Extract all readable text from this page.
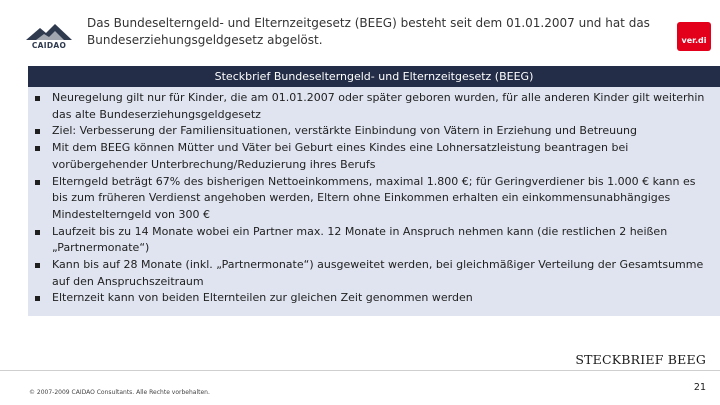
CAIDAO
Das Bundeselterngeld- und Elternzeitgesetz (BEEG) besteht seit dem 01.01.2007 und hat das Bundeserziehungsgeldgesetz abgelöst.	ver.di
Steckbrief Bundeselterngeld- und Elternzeitgesetz (BEEG)
Neuregelung gilt nur für Kinder, die am 01.01.2007 oder später geboren wurden, für alle anderen Kinder gilt weiterhin das alte Bundeserziehungsgeldgesetz
Ziel: Verbesserung der Familiensituationen, verstärkte Einbindung von Vätern in Erziehung und Betreuung
Mit dem BEEG können Mütter und Väter bei Geburt eines Kindes eine Lohnersatzleistung beantragen bei vorübergehender Unterbrechung/Reduzierung ihres Berufs
Elterngeld beträgt 67% des bisherigen Nettoeinkommens, maximal 1.800 €; für Geringverdiener bis 1.000 € kann es bis zum früheren Verdienst angehoben werden, Eltern ohne Einkommen erhalten ein einkommensunabhängiges Mindestelterngeld von 300 €
Laufzeit bis zu 14 Monate wobei ein Partner max. 12 Monate in Anspruch nehmen kann (die restlichen 2 heißen „Partnermonate“)
Kann bis auf 28 Monate (inkl. „Partnermonate“) ausgeweitet werden, bei gleichmäßiger Verteilung der Gesamtsumme auf den Anspruchszeitraum
Elternzeit kann von beiden Elternteilen zur gleichen Zeit genommen werden
STECKBRIEF BEEG
© 2007-2009 CAIDAO Consultants. Alle Rechte vorbehalten.	21
